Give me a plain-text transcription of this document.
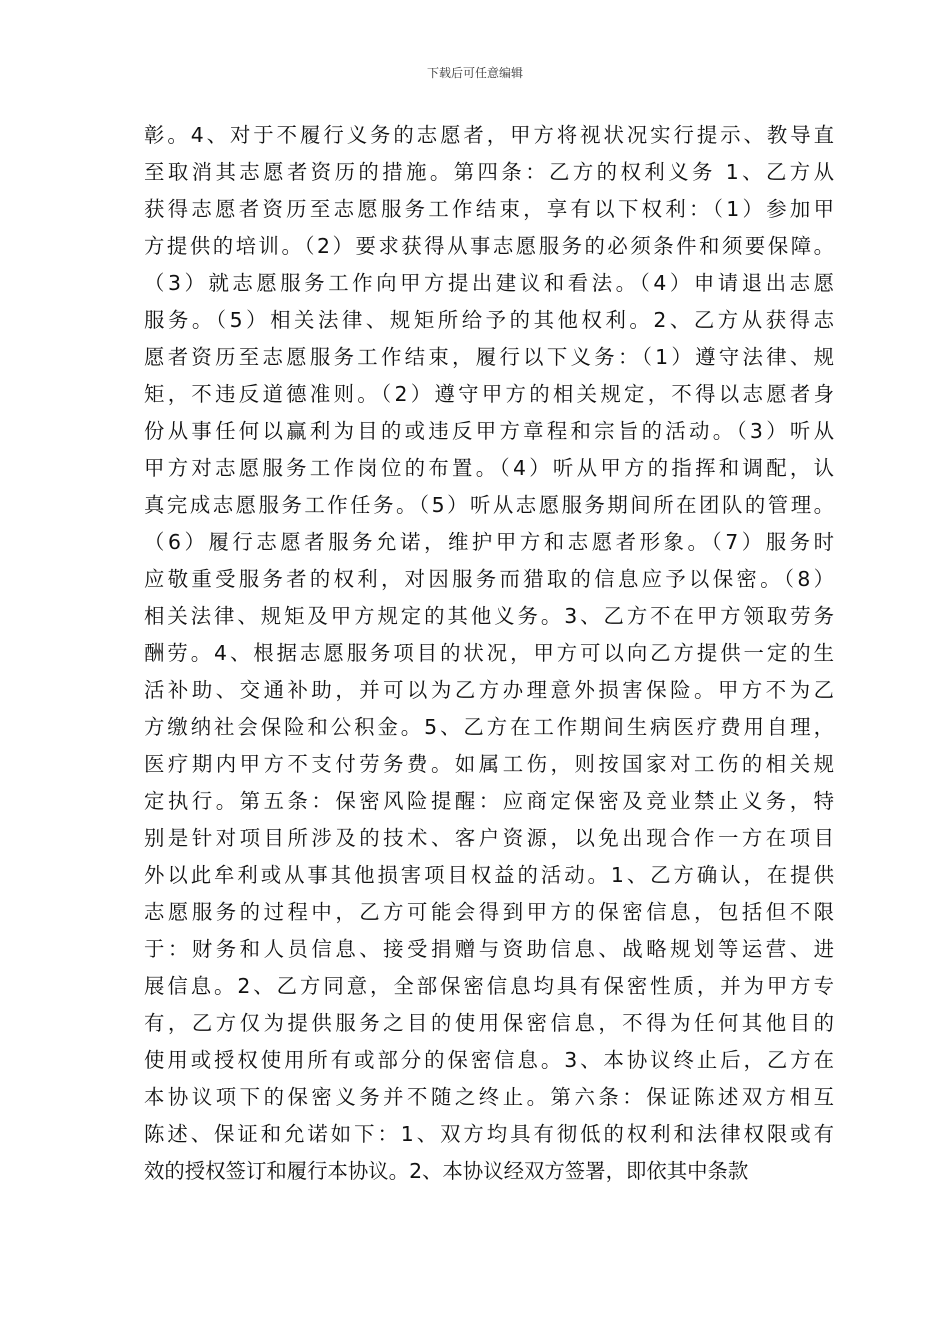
下载后可任意编辑
彰。4、对于不履行义务的志愿者，甲方将视状况实行提示、教导直
至取消其志愿者资历的措施。第四条：乙方的权利义务 1、乙方从
获得志愿者资历至志愿服务工作结束，享有以下权利：（1）参加甲
方提供的培训。（2）要求获得从事志愿服务的必须条件和须要保障。
（3）就志愿服务工作向甲方提出建议和看法。（4）申请退出志愿
服务。（5）相关法律、规矩所给予的其他权利。2、乙方从获得志
愿者资历至志愿服务工作结束，履行以下义务：（1）遵守法律、规
矩，不违反道德准则。（2）遵守甲方的相关规定，不得以志愿者身
份从事任何以赢利为目的或违反甲方章程和宗旨的活动。（3）听从
甲方对志愿服务工作岗位的布置。（4）听从甲方的指挥和调配，认
真完成志愿服务工作任务。（5）听从志愿服务期间所在团队的管理。
（6）履行志愿者服务允诺，维护甲方和志愿者形象。（7）服务时
应敬重受服务者的权利，对因服务而猎取的信息应予以保密。（8）
相关法律、规矩及甲方规定的其他义务。3、乙方不在甲方领取劳务
酬劳。4、根据志愿服务项目的状况，甲方可以向乙方提供一定的生
活补助、交通补助，并可以为乙方办理意外损害保险。甲方不为乙
方缴纳社会保险和公积金。5、乙方在工作期间生病医疗费用自理，
医疗期内甲方不支付劳务费。如属工伤，则按国家对工伤的相关规
定执行。第五条：保密风险提醒：应商定保密及竞业禁止义务，特
别是针对项目所涉及的技术、客户资源，以免出现合作一方在项目
外以此牟利或从事其他损害项目权益的活动。1、乙方确认，在提供
志愿服务的过程中，乙方可能会得到甲方的保密信息，包括但不限
于：财务和人员信息、接受捐赠与资助信息、战略规划等运营、进
展信息。2、乙方同意，全部保密信息均具有保密性质，并为甲方专
有，乙方仅为提供服务之目的使用保密信息，不得为任何其他目的
使用或授权使用所有或部分的保密信息。3、本协议终止后，乙方在
本协议项下的保密义务并不随之终止。第六条：保证陈述双方相互
陈述、保证和允诺如下：1、双方均具有彻低的权利和法律权限或有
效的授权签订和履行本协议。2、本协议经双方签署，即依其中条款
